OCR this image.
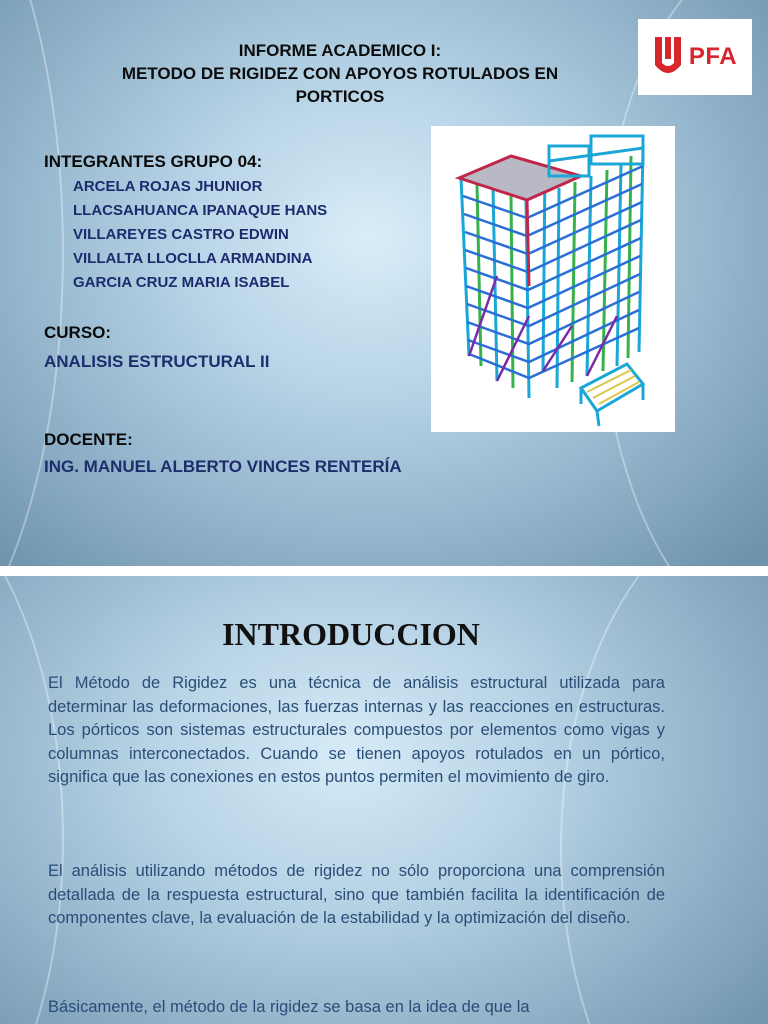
INFORME ACADEMICO I:
METODO DE RIGIDEZ CON APOYOS ROTULADOS EN
PORTICOS
PFA
INTEGRANTES GRUPO 04:
ARCELA ROJAS JHUNIOR
LLACSAHUANCA IPANAQUE HANS
VILLAREYES CASTRO EDWIN
VILLALTA LLOCLLA ARMANDINA
GARCIA CRUZ MARIA ISABEL
CURSO:
ANALISIS ESTRUCTURAL II
DOCENTE:
ING. MANUEL ALBERTO VINCES RENTERÍA
INTRODUCCION
El Método de Rigidez es una técnica de análisis estructural utilizada para determinar las deformaciones, las fuerzas internas y las reacciones en estructuras. Los pórticos son sistemas estructurales compuestos por elementos como vigas y columnas interconectados. Cuando se tienen apoyos rotulados en un pórtico, significa que las conexiones en estos puntos permiten el movimiento de giro.
El análisis utilizando métodos de rigidez no sólo proporciona una comprensión detallada de la respuesta estructural, sino que también facilita la identificación de componentes clave, la evaluación de la estabilidad y la optimización del diseño.
Básicamente, el método de la rigidez se basa en la idea de que la
